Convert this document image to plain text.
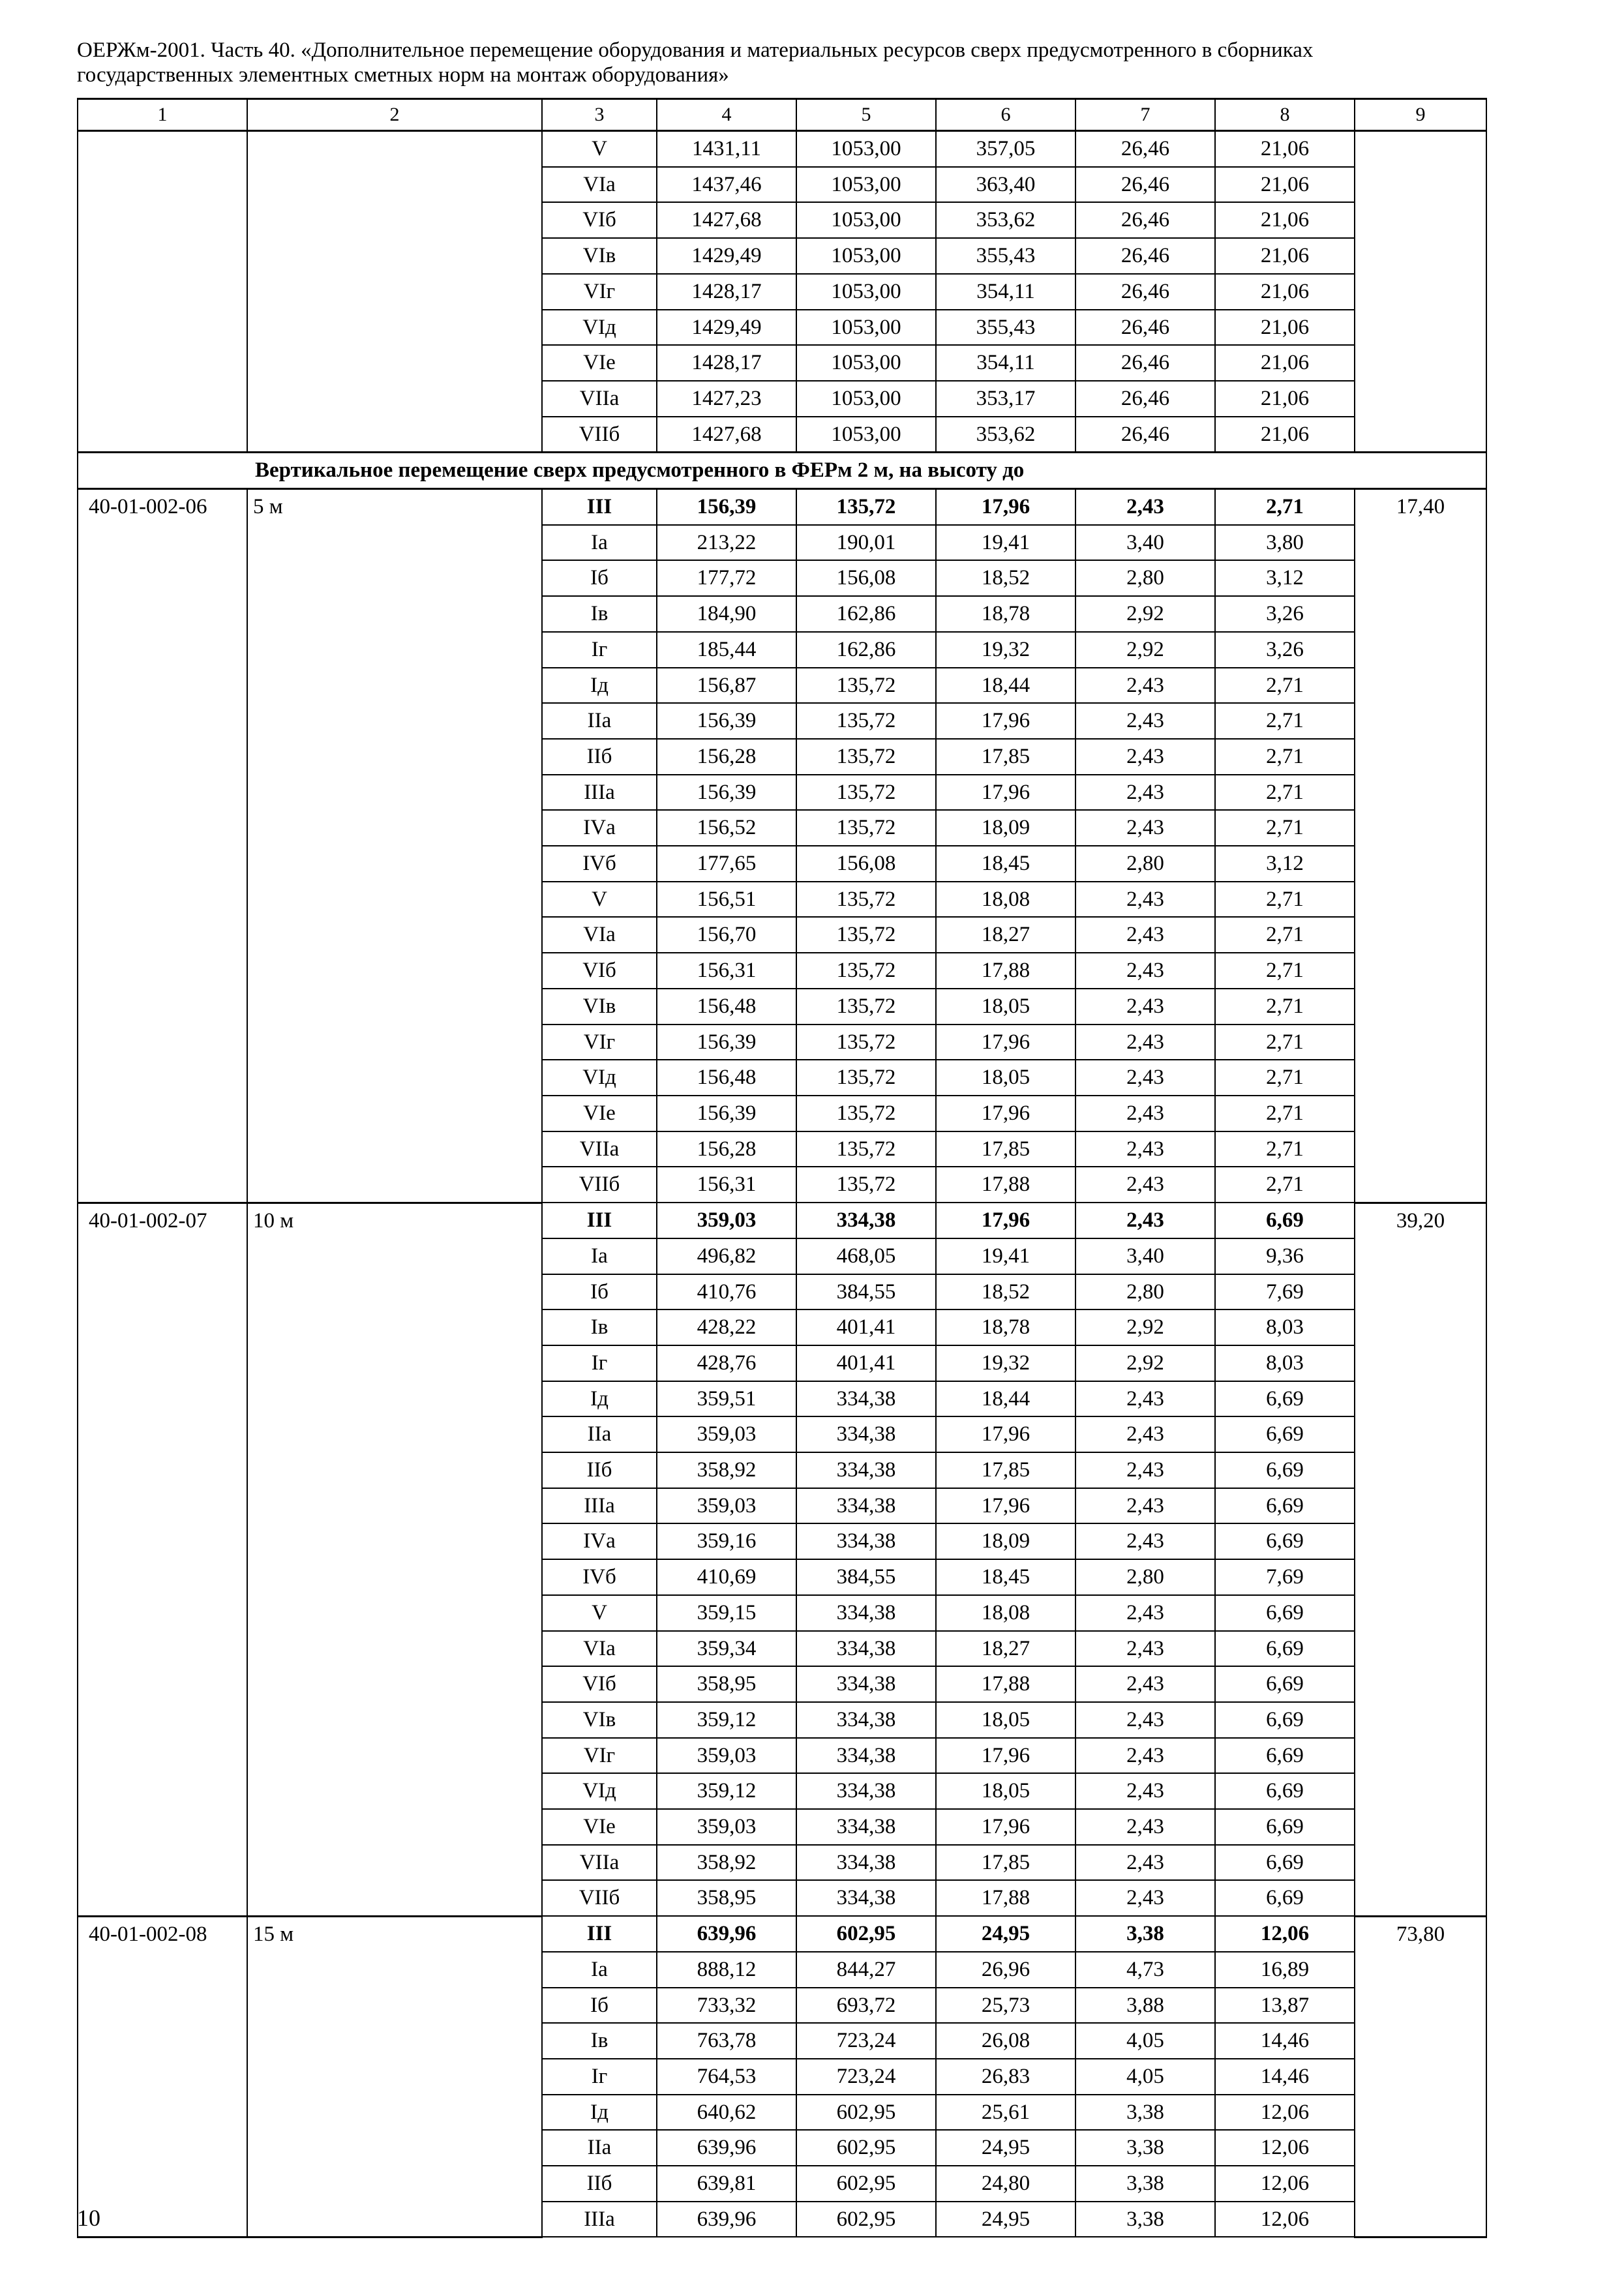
ОЕРЖм-2001. Часть 40. «Дополнительное перемещение оборудования и материальных ресурсов сверх предусмотренного в сборниках
государственных элементных сметных норм на монтаж оборудования»
1	2	3	4	5	6	7	8	9
		V	1431,11	1053,00	357,05	26,46	21,06	
		VIа	1437,46	1053,00	363,40	26,46	21,06	
		VIб	1427,68	1053,00	353,62	26,46	21,06	
		VIв	1429,49	1053,00	355,43	26,46	21,06	
		VIг	1428,17	1053,00	354,11	26,46	21,06	
		VIд	1429,49	1053,00	355,43	26,46	21,06	
		VIе	1428,17	1053,00	354,11	26,46	21,06	
		VIIа	1427,23	1053,00	353,17	26,46	21,06	
		VIIб	1427,68	1053,00	353,62	26,46	21,06	
	Вертикальное перемещение сверх предусмотренного в ФЕРм 2 м, на высоту до							
40-01-002-06	5 м	III	156,39	135,72	17,96	2,43	2,71	17,40
		Iа	213,22	190,01	19,41	3,40	3,80	
		Iб	177,72	156,08	18,52	2,80	3,12	
		Iв	184,90	162,86	18,78	2,92	3,26	
		Iг	185,44	162,86	19,32	2,92	3,26	
		Iд	156,87	135,72	18,44	2,43	2,71	
		IIа	156,39	135,72	17,96	2,43	2,71	
		IIб	156,28	135,72	17,85	2,43	2,71	
		IIIа	156,39	135,72	17,96	2,43	2,71	
		IVа	156,52	135,72	18,09	2,43	2,71	
		IVб	177,65	156,08	18,45	2,80	3,12	
		V	156,51	135,72	18,08	2,43	2,71	
		VIа	156,70	135,72	18,27	2,43	2,71	
		VIб	156,31	135,72	17,88	2,43	2,71	
		VIв	156,48	135,72	18,05	2,43	2,71	
		VIг	156,39	135,72	17,96	2,43	2,71	
		VIд	156,48	135,72	18,05	2,43	2,71	
		VIе	156,39	135,72	17,96	2,43	2,71	
		VIIа	156,28	135,72	17,85	2,43	2,71	
		VIIб	156,31	135,72	17,88	2,43	2,71	
40-01-002-07	10 м	III	359,03	334,38	17,96	2,43	6,69	39,20
		Iа	496,82	468,05	19,41	3,40	9,36	
		Iб	410,76	384,55	18,52	2,80	7,69	
		Iв	428,22	401,41	18,78	2,92	8,03	
		Iг	428,76	401,41	19,32	2,92	8,03	
		Iд	359,51	334,38	18,44	2,43	6,69	
		IIа	359,03	334,38	17,96	2,43	6,69	
		IIб	358,92	334,38	17,85	2,43	6,69	
		IIIа	359,03	334,38	17,96	2,43	6,69	
		IVа	359,16	334,38	18,09	2,43	6,69	
		IVб	410,69	384,55	18,45	2,80	7,69	
		V	359,15	334,38	18,08	2,43	6,69	
		VIа	359,34	334,38	18,27	2,43	6,69	
		VIб	358,95	334,38	17,88	2,43	6,69	
		VIв	359,12	334,38	18,05	2,43	6,69	
		VIг	359,03	334,38	17,96	2,43	6,69	
		VIд	359,12	334,38	18,05	2,43	6,69	
		VIе	359,03	334,38	17,96	2,43	6,69	
		VIIа	358,92	334,38	17,85	2,43	6,69	
		VIIб	358,95	334,38	17,88	2,43	6,69	
40-01-002-08	15 м	III	639,96	602,95	24,95	3,38	12,06	73,80
		Iа	888,12	844,27	26,96	4,73	16,89	
		Iб	733,32	693,72	25,73	3,88	13,87	
		Iв	763,78	723,24	26,08	4,05	14,46	
		Iг	764,53	723,24	26,83	4,05	14,46	
		Iд	640,62	602,95	25,61	3,38	12,06	
		IIа	639,96	602,95	24,95	3,38	12,06	
		IIб	639,81	602,95	24,80	3,38	12,06	
		IIIа	639,96	602,95	24,95	3,38	12,06	
10
